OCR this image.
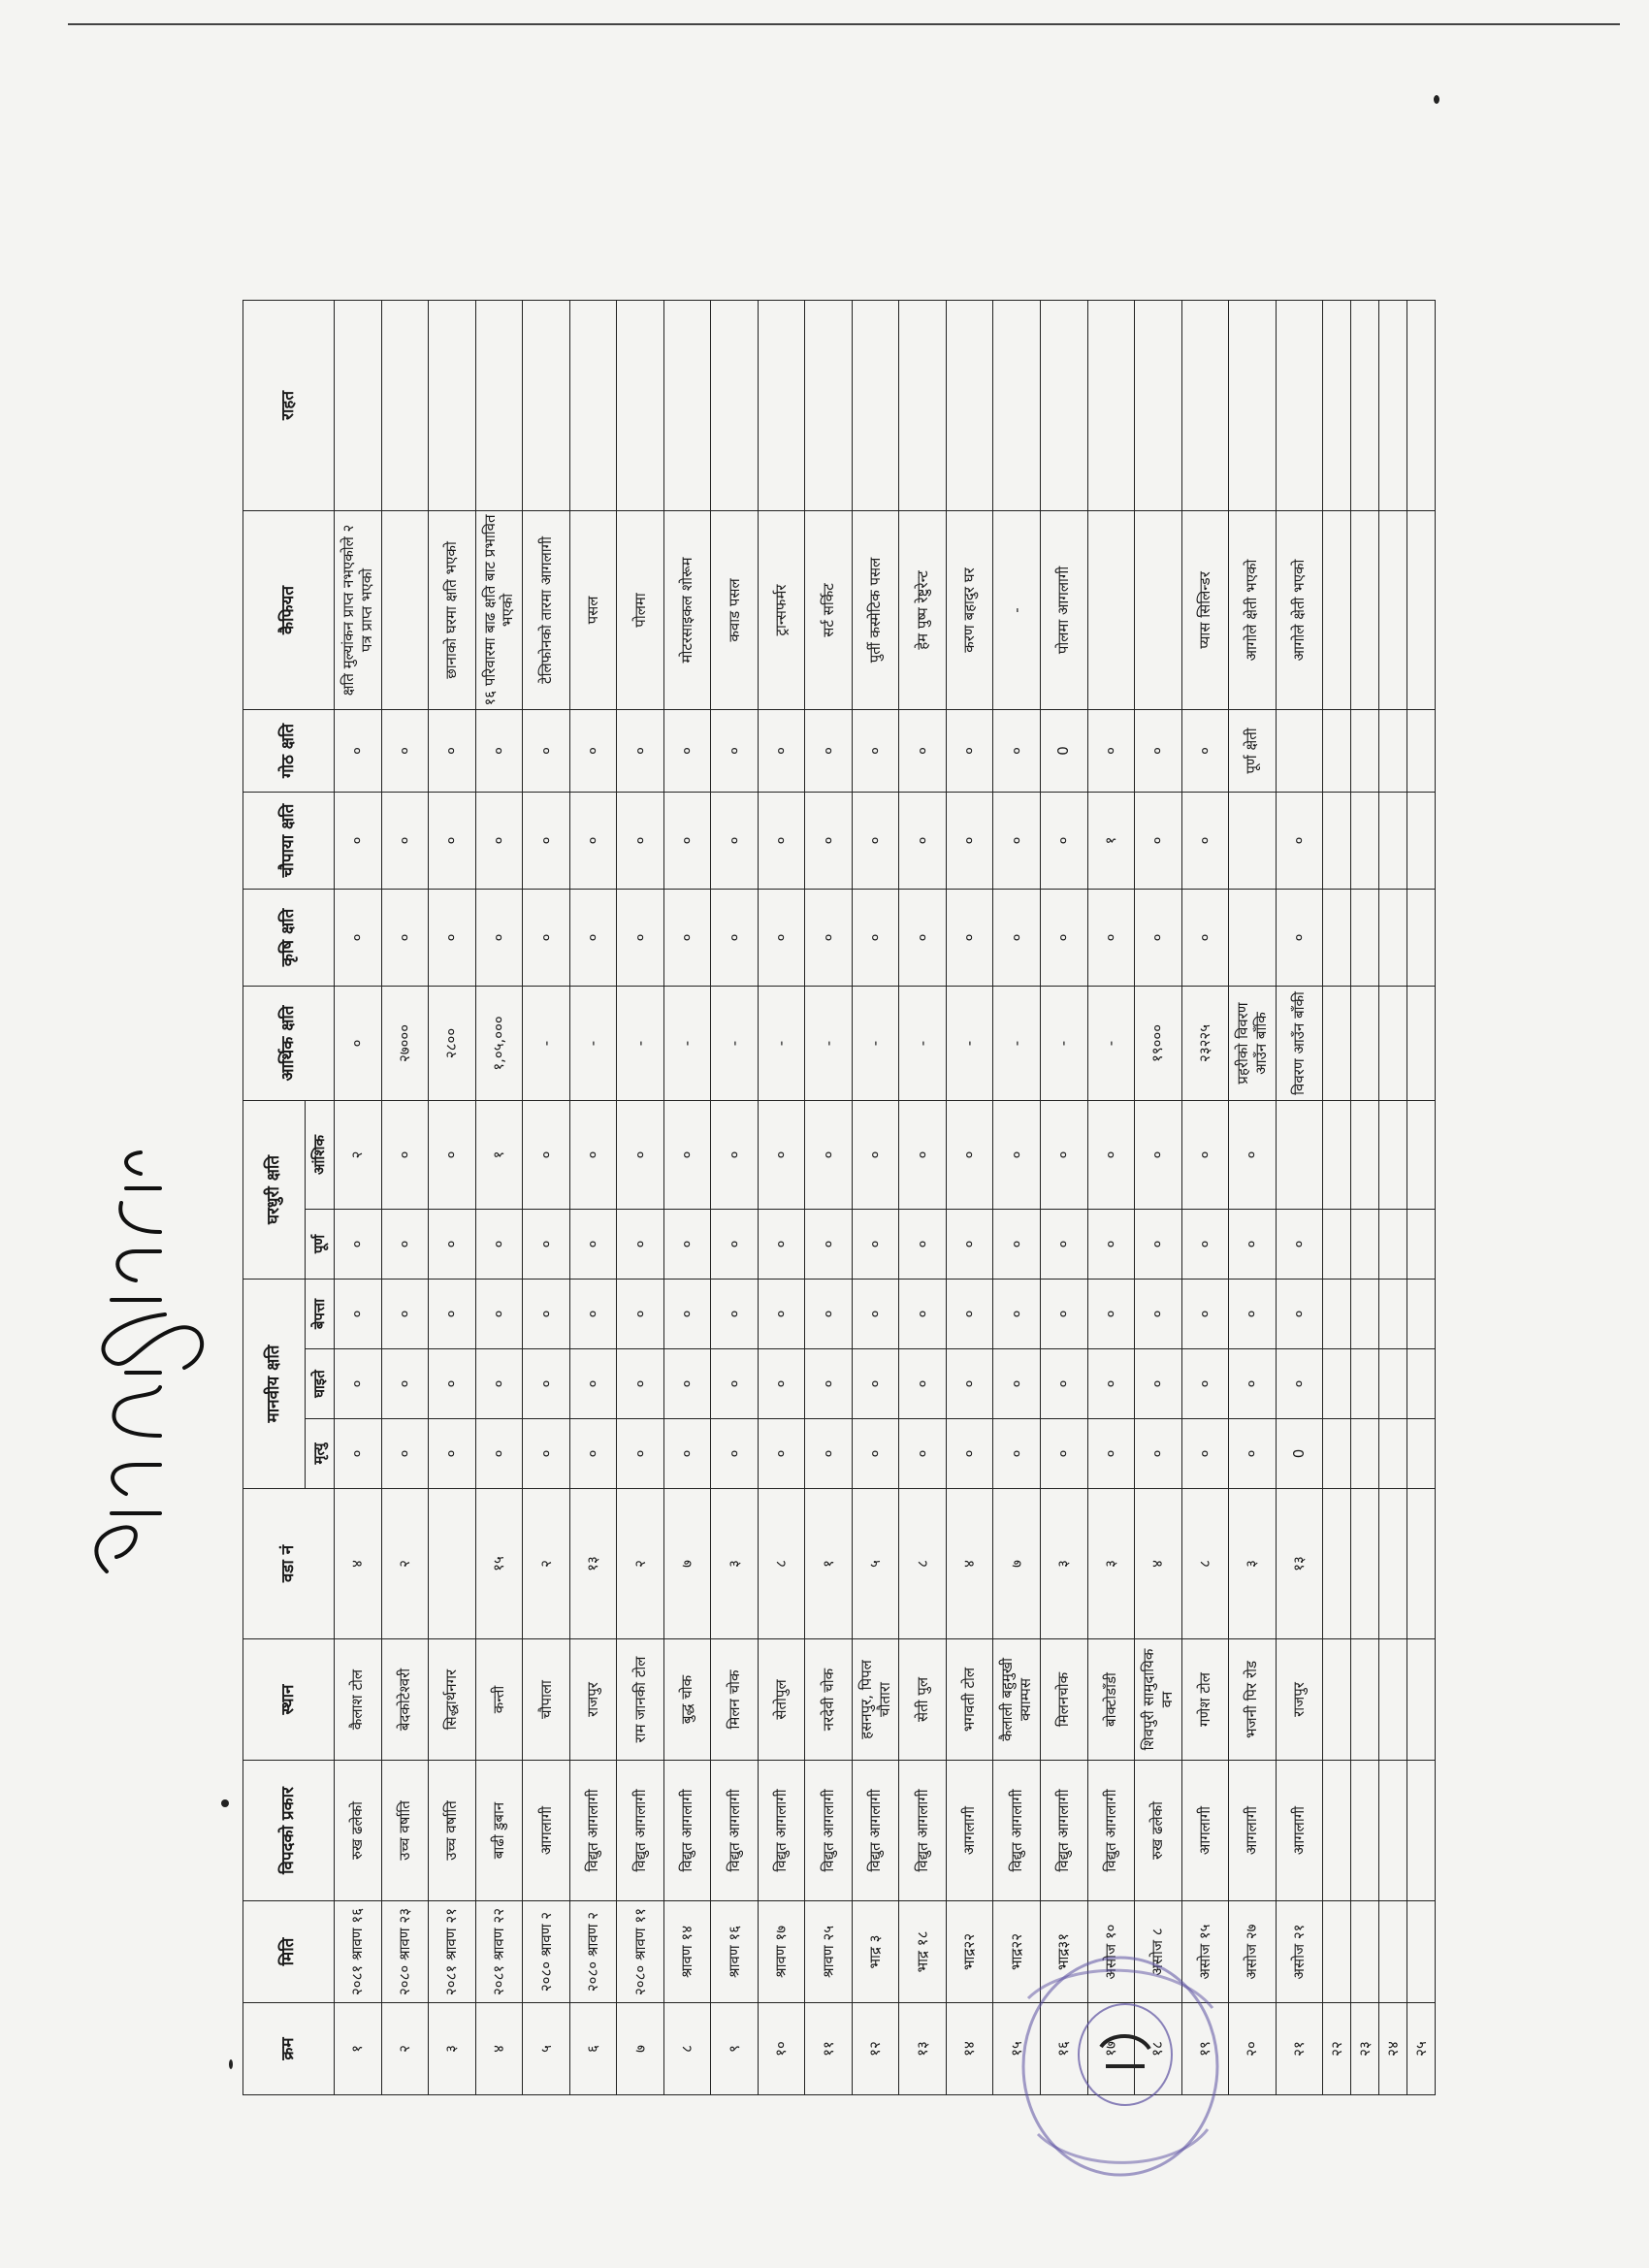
क्रम	मिति	विपदको प्रकार	स्थान	वडा नं	मानवीय क्षति			घरधुरी क्षति		आर्थिक क्षति	कृषि क्षति	चौपाया क्षति	गोठ क्षति	कैफियत	राहत
					मृत्यु	घाइते	बेपत्ता	पूर्ण	आंशिक						
१	२०८१ श्रावण १६	रुख ढलेको	कैलाश टोल	४	०	०	०	०	२	०	०	०	०	क्षति मुल्यांकन प्राप्त नभएकोले २ पत्र प्राप्त भएको	
२	२०८० श्रावण २३	उच्च वर्षाति	बेदकोटेश्वरी	२	०	०	०	०	०	२७०००	०	०	०		
३	२०८१ श्रावण २१	उच्च वर्षाति	सिद्धार्थनगर		०	०	०	०	०	२८००	०	०	०	छानाको घरमा क्षति भएको	
४	२०८१ श्रावण २२	बाढी डुबान	कन्ती	१५	०	०	०	०	१	१,०५,०००	०	०	०	१६ परिवारमा बाढ क्षति बाट प्रभावित भएको	
५	२०८० श्रावण २	आगलागी	चौपाला	२	०	०	०	०	०	-	०	०	०	टेलिफोनको तारमा आगलागी	
६	२०८० श्रावण २	विद्युत आगलागी	राजपुर	१३	०	०	०	०	०	-	०	०	०	पसल	
७	२०८० श्रावण ११	विद्युत आगलागी	राम जानकी टोल	२	०	०	०	०	०	-	०	०	०	पोलमा	
८	श्रावण १४	विद्युत आगलागी	बुद्ध चोक	७	०	०	०	०	०	-	०	०	०	मोटरसाइकल शोरूम	
९	श्रावण १६	विद्युत आगलागी	मिलन चोक	३	०	०	०	०	०	-	०	०	०	कवाड पसल	
१०	श्रावण १७	विद्युत आगलागी	सेतोपुल	८	०	०	०	०	०	-	०	०	०	ट्रान्सफर्मर	
११	श्रावण २५	विद्युत आगलागी	नरदेवी चोक	१	०	०	०	०	०	-	०	०	०	सर्ट सर्किट	
१२	भाद्र ३	विद्युत आगलागी	हसनपुर, पिपल चौतारा	५	०	०	०	०	०	-	०	०	०	पुर्ती कस्मेटिक पसल	
१३	भाद्र १८	विद्युत आगलागी	सेती पुल	८	०	०	०	०	०	-	०	०	०	हेम पुष्प रेष्टुरेन्ट	
१४	भाद्र२२	आगलागी	भगवती टोल	४	०	०	०	०	०	-	०	०	०	करण बहादुर घर	
१५	भाद्र२२	विद्युत आगलागी	कैलाली बहुमुखी क्याम्पस	७	०	०	०	०	०	-	०	०	०	-	
१६	भाद्र३१	विद्युत आगलागी	मिलनचोक	३	०	०	०	०	०	-	०	०	0	पोलमा आगलागी	
१७	असोज १०	विद्युत आगलागी	बोक्टोडाँडी	३	०	०	०	०	०	-	०	१	०		
१८	असोज ८	रुख ढलेको	शिवपुरी सामुदायिक वन	४	०	०	०	०	०	१९०००	०	०	०		
१९	असोज १५	आगलागी	गणेश टोल	८	०	०	०	०	०	२३२२५	०	०	०	प्यास सिलिन्डर	
२०	असोज २७	आगलागी	भजनी पिर रोड	३	०	०	०	०	०	प्रहरीको विवरण आउँन बाँकि			पूर्ण क्षेती	आगोले क्षेती भएको	
२१	असोज २१	आगलागी	राजपुर	१३	0	०	०	०		विवरण आउँन बाँकी	०	०		आगोले क्षेती भएको	
२२															
२३															
२४															
२५															
